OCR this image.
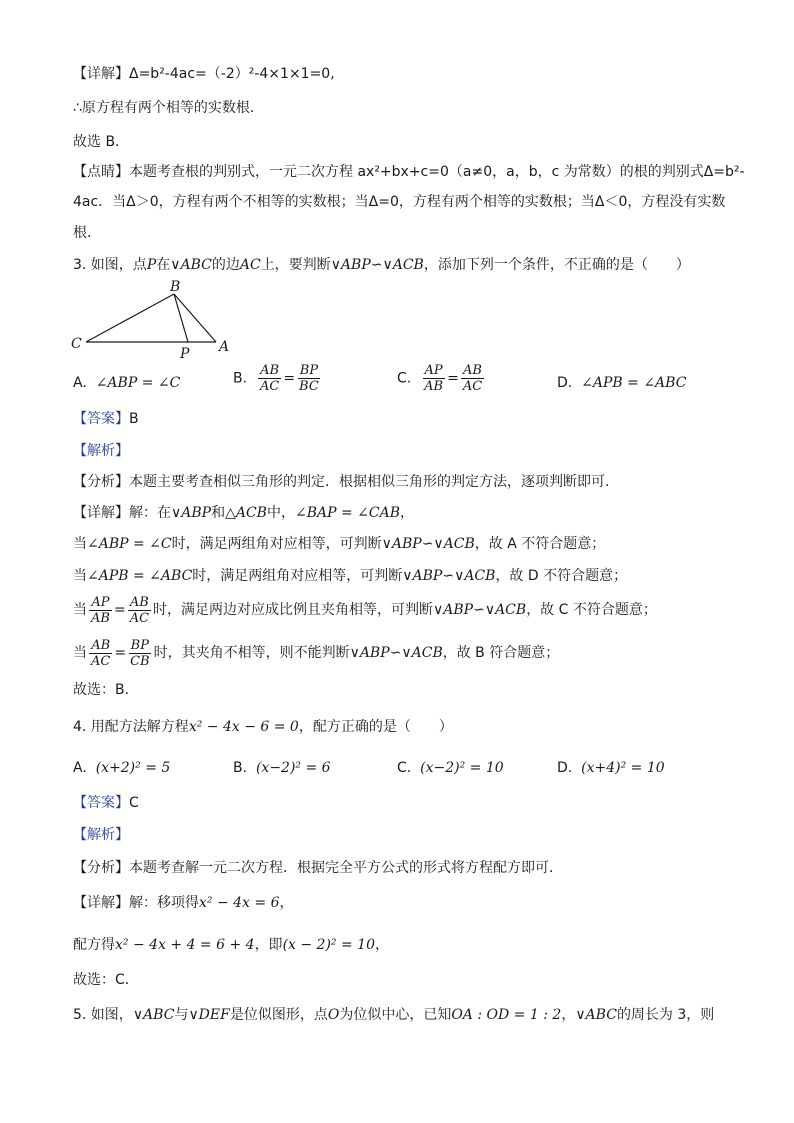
【详解】Δ=b²-4ac=（-2）²-4×1×1=0,
∴原方程有两个相等的实数根．
故选 B．
【点睛】本题考查根的判别式，一元二次方程 ax²+bx+c=0（a≠0，a，b，c 为常数）的根的判别式Δ=b²-
4ac．当Δ＞0，方程有两个不相等的实数根；当Δ=0，方程有两个相等的实数根；当Δ＜0，方程没有实数
根．
3. 如图，点P在∨ABC的边AC上，要判断∨ABP∽∨ACB，添加下列一个条件，不正确的是（　　）
B
C
P A
A. ∠ABP = ∠C	B. $\frac{AB}{AC} = \frac{BP}{BC}$	C. $\frac{AP}{AB} = \frac{AB}{AC}$	D. ∠APB = ∠ABC
【答案】B
【解析】
【分析】本题主要考查相似三角形的判定．根据相似三角形的判定方法，逐项判断即可．
【详解】解：在∨ABP和△ACB中，∠BAP = ∠CAB，
当∠ABP = ∠C时，满足两组角对应相等，可判断∨ABP∽∨ACB，故 A 不符合题意；
当∠APB = ∠ABC时，满足两组角对应相等，可判断∨ABP∽∨ACB，故 D 不符合题意；
当 $\frac{AP}{AB} = \frac{AB}{AC}$ 时，满足两边对应成比例且夹角相等，可判断∨ABP∽∨ACB，故 C 不符合题意；
当 $\frac{AB}{AC} = \frac{BP}{CB}$ 时，其夹角不相等，则不能判断∨ABP∽∨ACB，故 B 符合题意；
故选：B．
4. 用配方法解方程x² − 4x − 6 = 0，配方正确的是（　　）
A. (x+2)² = 5	B. (x−2)² = 6	C. (x−2)² = 10	D. (x+4)² = 10
【答案】C
【解析】
【分析】本题考查解一元二次方程．根据完全平方公式的形式将方程配方即可．
【详解】解：移项得x² − 4x = 6，
配方得x² − 4x + 4 = 6 + 4，即(x − 2)² = 10，
故选：C．
5. 如图，∨ABC与∨DEF是位似图形，点O为位似中心，已知OA : OD = 1 : 2，∨ABC的周长为 3，则
